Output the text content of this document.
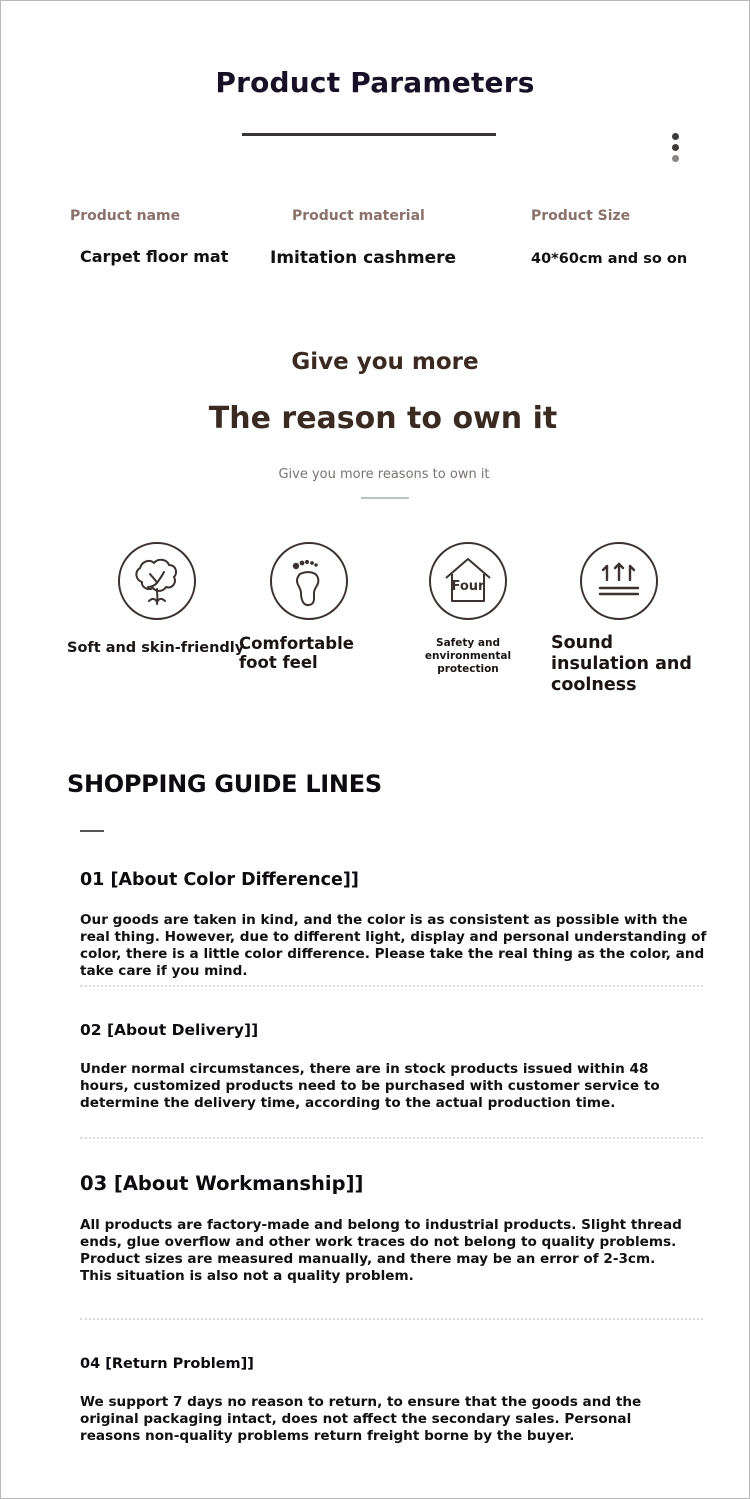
Product Parameters
Product name
Carpet floor mat
Product material
Imitation cashmere
Product Size
40*60cm and so on
Give you more
The reason to own it
Give you more reasons to own it
Four
Soft and skin-friendly
Comfortable foot feel
Safety and environmental protection
Sound insulation and coolness
SHOPPING GUIDE LINES
01 [About Color Difference]]
Our goods are taken in kind, and the color is as consistent as possible with the real thing. However, due to different light, display and personal understanding of color, there is a little color difference. Please take the real thing as the color, and take care if you mind.
02 [About Delivery]]
Under normal circumstances, there are in stock products issued within 48 hours, customized products need to be purchased with customer service to determine the delivery time, according to the actual production time.
03 [About Workmanship]]
All products are factory-made and belong to industrial products. Slight thread ends, glue overflow and other work traces do not belong to quality problems. Product sizes are measured manually, and there may be an error of 2-3cm. This situation is also not a quality problem.
04 [Return Problem]]
We support 7 days no reason to return, to ensure that the goods and the original packaging intact, does not affect the secondary sales. Personal reasons non-quality problems return freight borne by the buyer.
